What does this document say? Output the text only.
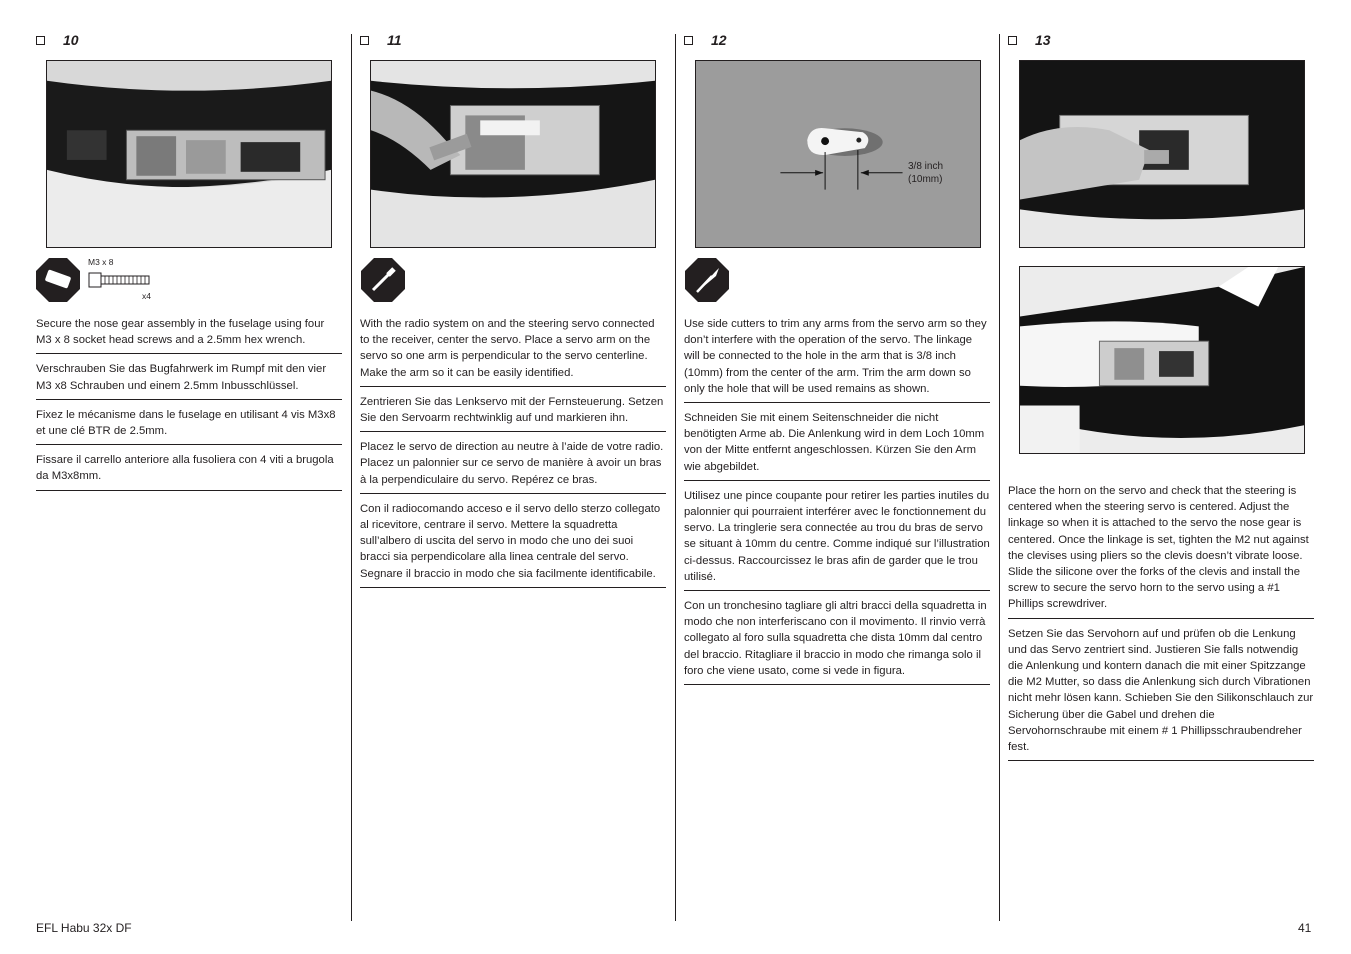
10
M3 x 8
x4

Secure the nose gear assembly in the fuselage using four M3 x 8 socket head screws and a 2.5mm hex wrench.

Verschrauben Sie das Bugfahrwerk im Rumpf mit den vier M3 x8 Schrauben und einem 2.5mm Inbusschlüssel.

Fixez le mécanisme dans le fuselage en utilisant 4 vis M3x8 et une clé BTR de 2.5mm.

Fissare il carrello anteriore alla fusoliera con 4 viti a brugola da M3x8mm.

11

With the radio system on and the steering servo connected to the receiver, center the servo. Place a servo arm on the servo so one arm is perpendicular to the servo centerline. Make the arm so it can be easily identified.

Zentrieren Sie das Lenkservo mit der Fernsteuerung. Setzen Sie den Servoarm rechtwinklig auf und markieren ihn.

Placez le servo de direction au neutre à l’aide de votre radio. Placez un palonnier sur ce servo de manière à avoir un bras à la perpendiculaire du servo. Repérez ce bras.

Con il radiocomando acceso e il servo dello sterzo collegato al ricevitore, centrare il servo. Mettere la squadretta sull’albero di uscita del servo in modo che uno dei suoi bracci sia perpendicolare alla linea centrale del servo. Segnare il braccio in modo che sia facilmente identificabile.

12
3/8 inch
(10mm)

Use side cutters to trim any arms from the servo arm so they don’t interfere with the operation of the servo. The linkage will be connected to the hole in the arm that is 3/8 inch (10mm) from the center of the arm. Trim the arm down so only the hole that will be used remains as shown.

Schneiden Sie mit einem Seitenschneider die nicht benötigten Arme ab. Die Anlenkung wird in dem Loch 10mm von der Mitte entfernt angeschlossen. Kürzen Sie den Arm wie abgebildet.

Utilisez une pince coupante pour retirer les parties inutiles du palonnier qui pourraient interférer avec le fonctionnement du servo. La tringlerie sera connectée au trou du bras de servo se situant à 10mm du centre. Comme indiqué sur l’illustration ci-dessus. Raccourcissez le bras afin de garder que le trou utilisé.

Con un tronchesino tagliare gli altri bracci della squadretta in modo che non interferiscano con il movimento. Il rinvio verrà collegato al foro sulla squadretta che dista 10mm dal centro del braccio. Ritagliare il braccio in modo che rimanga solo il foro che viene usato, come si vede in figura.

13

Place the horn on the servo and check that the steering is centered when the steering servo is centered. Adjust the linkage so when it is attached to the servo the nose gear is centered. Once the linkage is set, tighten the M2 nut against the clevises using pliers so the clevis doesn’t vibrate loose. Slide the silicone over the forks of the clevis and install the screw to secure the servo horn to the servo using a #1 Phillips screwdriver.

Setzen Sie das Servohorn auf und prüfen ob die Lenkung und das Servo zentriert sind. Justieren Sie falls notwendig die Anlenkung und kontern danach die mit einer Spitzzange die M2 Mutter, so dass die Anlenkung sich durch Vibrationen nicht mehr lösen kann. Schieben Sie den Silikonschlauch zur Sicherung über die Gabel und drehen die Servohornschraube mit einem # 1 Phillipsschraubendreher fest.

EFL Habu 32x DF	41
